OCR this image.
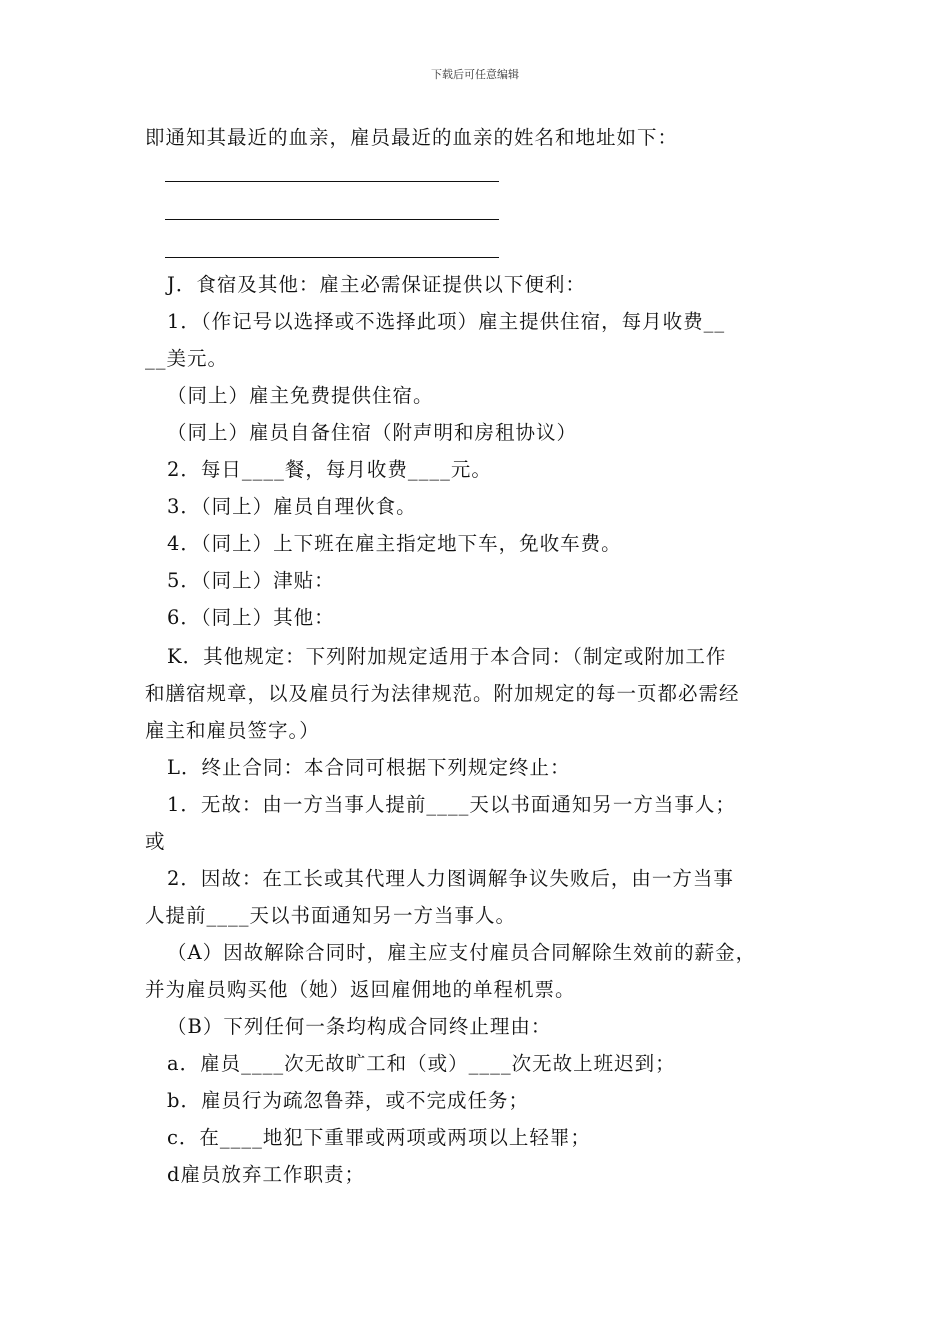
下载后可任意编辑
即通知其最近的血亲，雇员最近的血亲的姓名和地址如下：
J．食宿及其他：雇主必需保证提供以下便利：
1．（作记号以选择或不选择此项）雇主提供住宿，每月收费__
__美元。
（同上）雇主免费提供住宿。
（同上）雇员自备住宿（附声明和房租协议）
2．每日____餐，每月收费____元。
3．（同上）雇员自理伙食。
4．（同上）上下班在雇主指定地下车，免收车费。
5．（同上）津贴：
6．（同上）其他：
K．其他规定：下列附加规定适用于本合同：（制定或附加工作
和膳宿规章，以及雇员行为法律规范。附加规定的每一页都必需经
雇主和雇员签字。）
L．终止合同：本合同可根据下列规定终止：
1．无故：由一方当事人提前____天以书面通知另一方当事人；
或
2．因故：在工长或其代理人力图调解争议失败后，由一方当事
人提前____天以书面通知另一方当事人。
（A）因故解除合同时，雇主应支付雇员合同解除生效前的薪金，
并为雇员购买他（她）返回雇佣地的单程机票。
（B）下列任何一条均构成合同终止理由：
a．雇员____次无故旷工和（或）____次无故上班迟到；
b．雇员行为疏忽鲁莽，或不完成任务；
c．在____地犯下重罪或两项或两项以上轻罪；
d雇员放弃工作职责；
